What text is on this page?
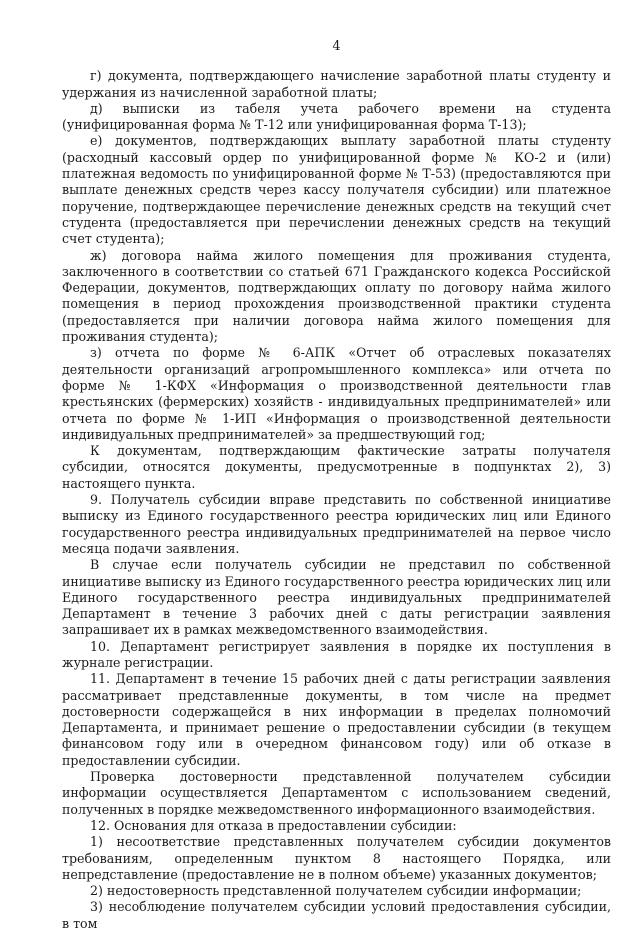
4

г) документа, подтверждающего начисление заработной платы студенту и удержания из начисленной заработной платы;

д) выписки из табеля учета рабочего времени на студента (унифицированная форма № Т-12 или унифицированная форма Т-13);

е) документов, подтверждающих выплату заработной платы студенту (расходный кассовый ордер по унифицированной форме № КО-2 и (или) платежная ведомость по унифицированной форме № Т-53) (предоставляются при выплате денежных средств через кассу получателя субсидии) или платежное поручение, подтверждающее перечисление денежных средств на текущий счет студента (предоставляется при перечислении денежных средств на текущий счет студента);

ж) договора найма жилого помещения для проживания студента, заключенного в соответствии со статьей 671 Гражданского кодекса Российской Федерации, документов, подтверждающих оплату по договору найма жилого помещения в период прохождения производственной практики студента (предоставляется при наличии договора найма жилого помещения для проживания студента);

з) отчета по форме № 6-АПК «Отчет об отраслевых показателях деятельности организаций агропромышленного комплекса» или отчета по форме № 1-КФХ «Информация о производственной деятельности глав крестьянских (фермерских) хозяйств - индивидуальных предпринимателей» или отчета по форме № 1-ИП «Информация о производственной деятельности индивидуальных предпринимателей» за предшествующий год;

К документам, подтверждающим фактические затраты получателя субсидии, относятся документы, предусмотренные в подпунктах 2), 3) настоящего пункта.

9. Получатель субсидии вправе представить по собственной инициативе выписку из Единого государственного реестра юридических лиц или Единого государственного реестра индивидуальных предпринимателей на первое число месяца подачи заявления.

В случае если получатель субсидии не представил по собственной инициативе выписку из Единого государственного реестра юридических лиц или Единого государственного реестра индивидуальных предпринимателей Департамент в течение 3 рабочих дней с даты регистрации заявления запрашивает их в рамках межведомственного взаимодействия.

10. Департамент регистрирует заявления в порядке их поступления в журнале регистрации.

11. Департамент в течение 15 рабочих дней с даты регистрации заявления рассматривает представленные документы, в том числе на предмет достоверности содержащейся в них информации в пределах полномочий Департамента, и принимает решение о предоставлении субсидии (в текущем финансовом году или в очередном финансовом году) или об отказе в предоставлении субсидии.

Проверка достоверности представленной получателем субсидии информации осуществляется Департаментом с использованием сведений, полученных в порядке межведомственного информационного взаимодействия.

12. Основания для отказа в предоставлении субсидии:

1) несоответствие представленных получателем субсидии документов требованиям, определенным пунктом 8 настоящего Порядка, или непредставление (предоставление не в полном объеме) указанных документов;

2) недостоверность представленной получателем субсидии информации;

3) несоблюдение получателем субсидии условий предоставления субсидии, в том
